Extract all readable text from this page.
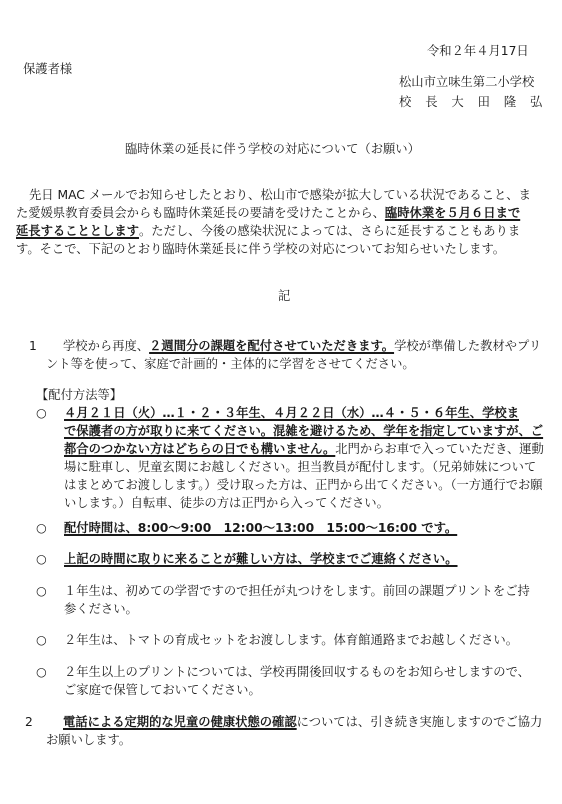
令和２年４月17日
保護者様
松山市立味生第二小学校
校 長 大 田 隆 弘
臨時休業の延長に伴う学校の対応について（お願い）
先日 MAC メールでお知らせしたとおり、松山市で感染が拡大している状況であること、ま
た愛媛県教育委員会からも臨時休業延長の要請を受けたことから、臨時休業を５月６日まで
延長することとします。ただし、今後の感染状況によっては、さらに延長することもありま
す。そこで、下記のとおり臨時休業延長に伴う学校の対応についてお知らせいたします。
記
1 学校から再度、２週間分の課題を配付させていただきます。学校が準備した教材やプリ
ント等を使って、家庭で計画的・主体的に学習をさせてください。
【配付方法等】
○ ４月２１日（火）…１・２・３年生、４月２２日（水）…４・５・６年生、学校ま
で保護者の方が取りに来てください。混雑を避けるため、学年を指定していますが、ご
都合のつかない方はどちらの日でも構いません。北門からお車で入っていただき、運動
場に駐車し、児童玄関にお越しください。担当教員が配付します。（兄弟姉妹について
はまとめてお渡しします。）受け取った方は、正門から出てください。（一方通行でお願
いします。）自転車、徒歩の方は正門から入ってください。
○ 配付時間は、8:00～9:00　12:00～13:00　15:00～16:00 です。
○ 上記の時間に取りに来ることが難しい方は、学校までご連絡ください。
○ １年生は、初めての学習ですので担任が丸つけをします。前回の課題プリントをご持
参ください。
○ ２年生は、トマトの育成セットをお渡しします。体育館通路までお越しください。
○ ２年生以上のプリントについては、学校再開後回収するものをお知らせしますので、
ご家庭で保管しておいてください。
2 電話による定期的な児童の健康状態の確認については、引き続き実施しますのでご協力
お願いします。
